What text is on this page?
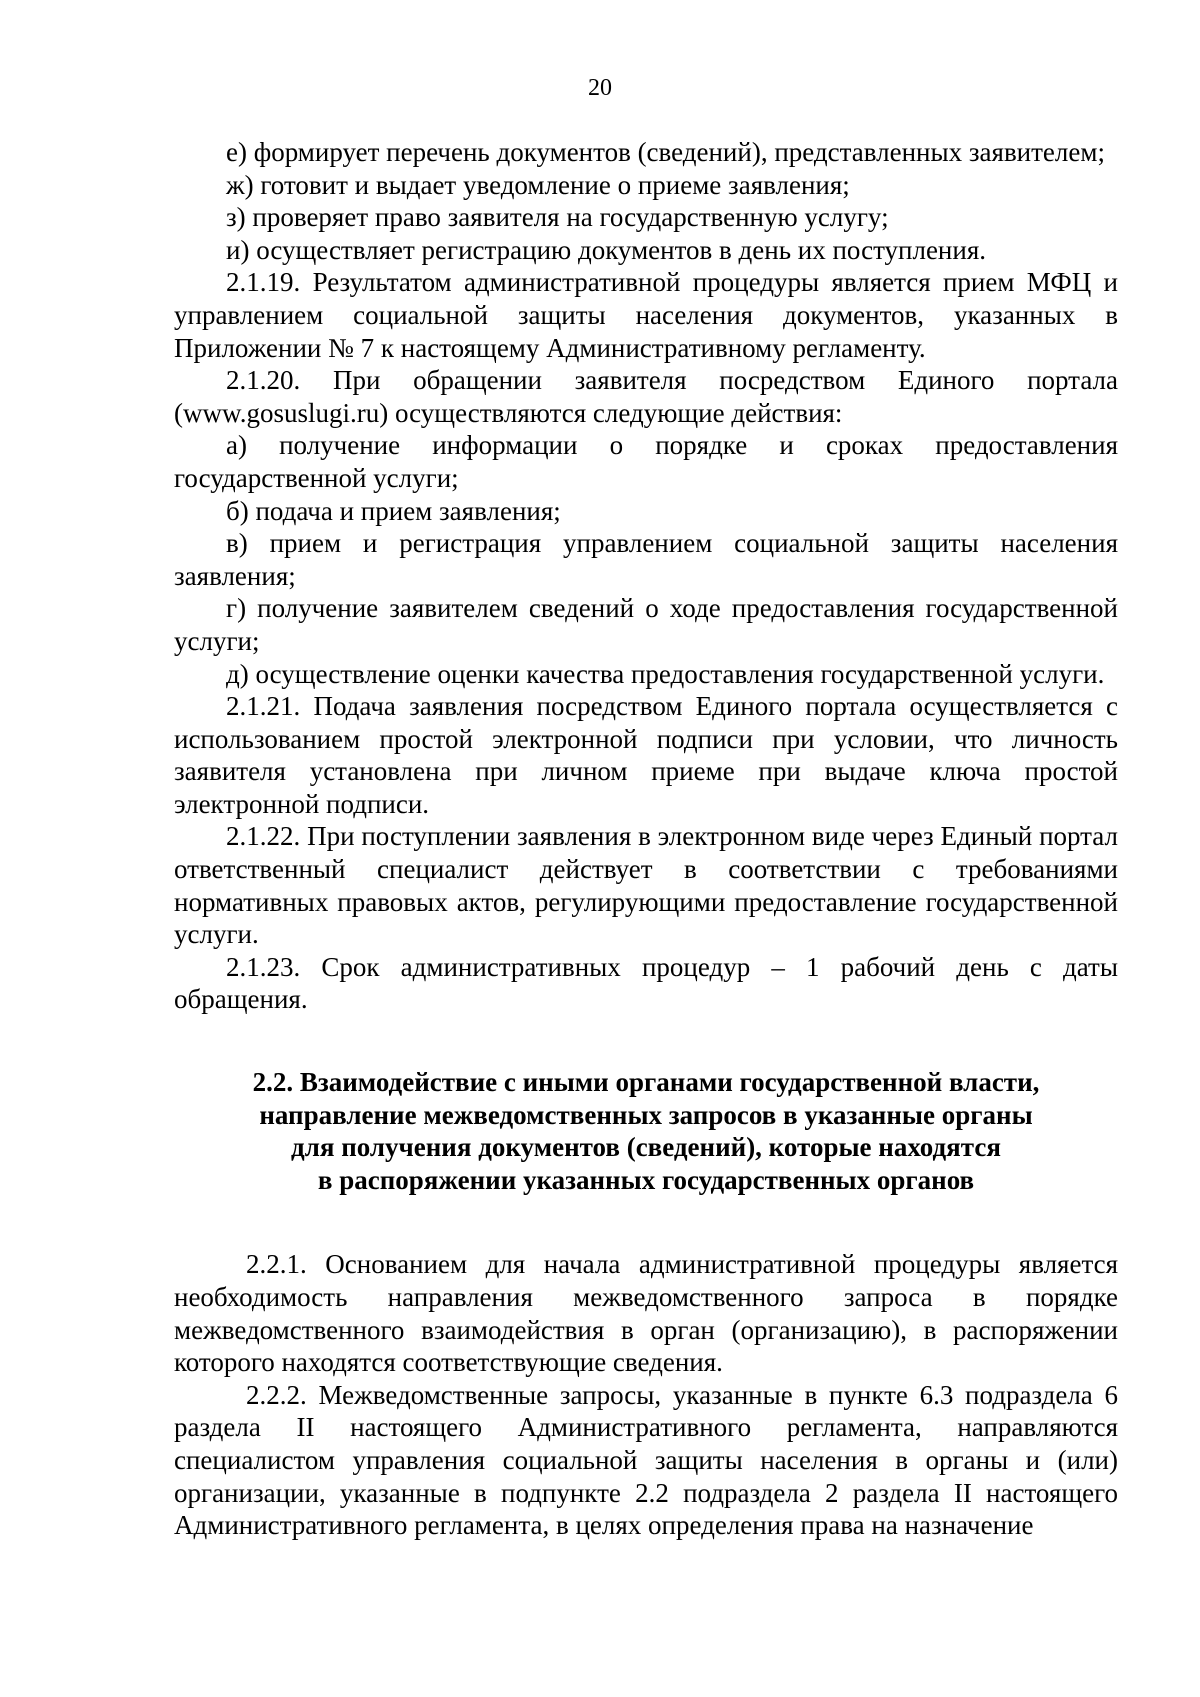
20

е) формирует перечень документов (сведений), представленных заявителем;

ж) готовит и выдает уведомление о приеме заявления;

з) проверяет право заявителя на государственную услугу;

и) осуществляет регистрацию документов в день их поступления.

2.1.19. Результатом административной процедуры является прием МФЦ и управлением социальной защиты населения документов, указанных в Приложении № 7 к настоящему Административному регламенту.

2.1.20. При обращении заявителя посредством Единого портала (www.gosuslugi.ru) осуществляются следующие действия:

а) получение информации о порядке и сроках предоставления государственной услуги;

б) подача и прием заявления;

в) прием и регистрация управлением социальной защиты населения заявления;

г) получение заявителем сведений о ходе предоставления государственной услуги;

д) осуществление оценки качества предоставления государственной услуги.

2.1.21. Подача заявления посредством Единого портала осуществляется с использованием простой электронной подписи при условии, что личность заявителя установлена при личном приеме при выдаче ключа простой электронной подписи.

2.1.22. При поступлении заявления в электронном виде через Единый портал ответственный специалист действует в соответствии с требованиями нормативных правовых актов, регулирующими предоставление государственной услуги.

2.1.23. Срок административных процедур – 1 рабочий день с даты обращения.

2.2. Взаимодействие с иными органами государственной власти,
направление межведомственных запросов в указанные органы
для получения документов (сведений), которые находятся
в распоряжении указанных государственных органов

2.2.1. Основанием для начала административной процедуры является необходимость направления межведомственного запроса в порядке межведомственного взаимодействия в орган (организацию), в распоряжении которого находятся соответствующие сведения.

2.2.2. Межведомственные запросы, указанные в пункте 6.3 подраздела 6 раздела II настоящего Административного регламента, направляются специалистом управления социальной защиты населения в органы и (или) организации, указанные в подпункте 2.2 подраздела 2 раздела II настоящего Административного регламента, в целях определения права на назначение
